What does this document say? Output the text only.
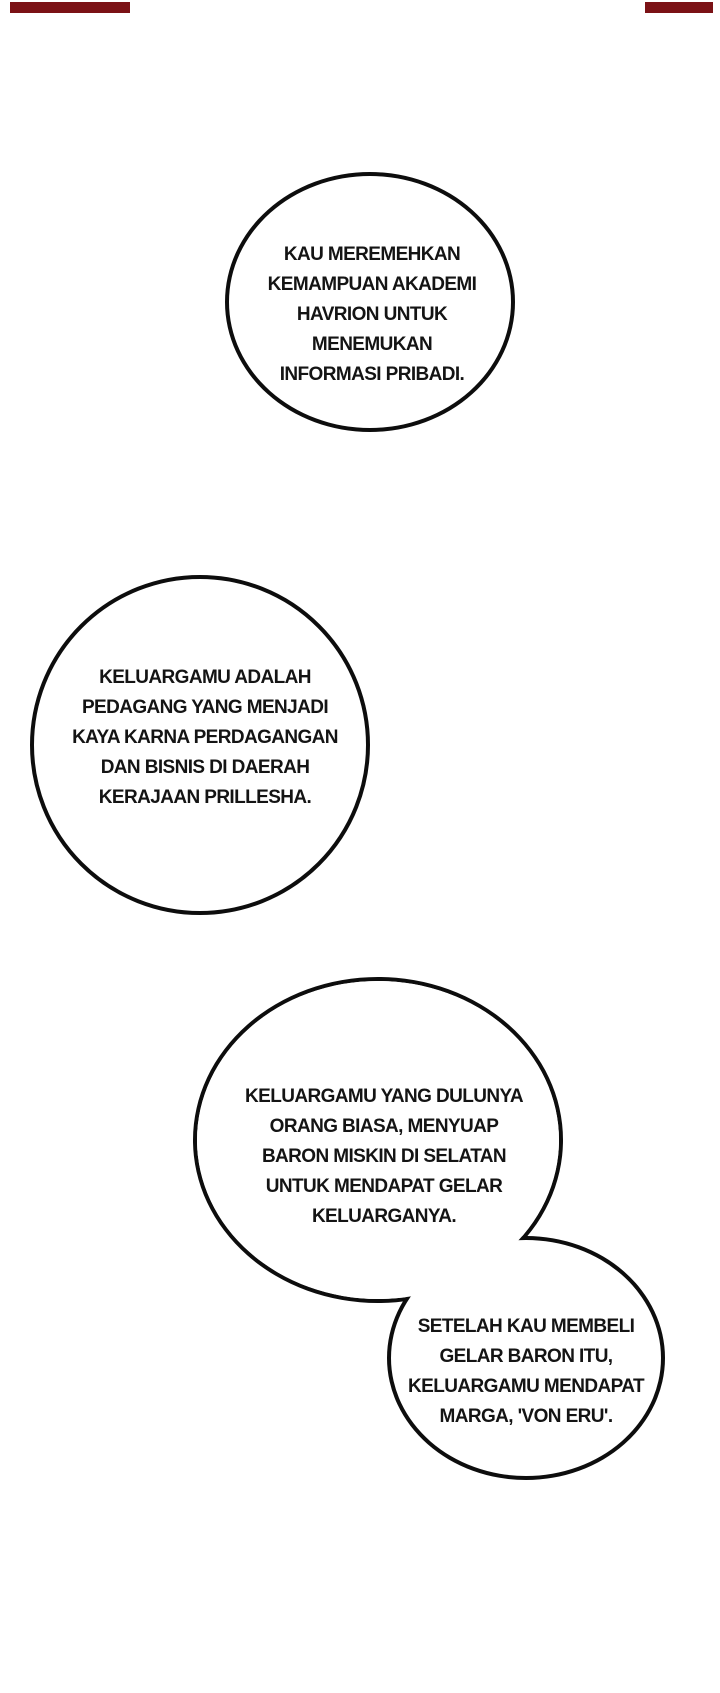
KAU MEREMEHKAN
KEMAMPUAN AKADEMI
HAVRION UNTUK
MENEMUKAN
INFORMASI PRIBADI.
KELUARGAMU ADALAH
PEDAGANG YANG MENJADI
KAYA KARNA PERDAGANGAN
DAN BISNIS DI DAERAH
KERAJAAN PRILLESHA.
KELUARGAMU YANG DULUNYA
ORANG BIASA, MENYUAP
BARON MISKIN DI SELATAN
UNTUK MENDAPAT GELAR
KELUARGANYA.
SETELAH KAU MEMBELI
GELAR BARON ITU,
KELUARGAMU MENDAPAT
MARGA, 'VON ERU'.
